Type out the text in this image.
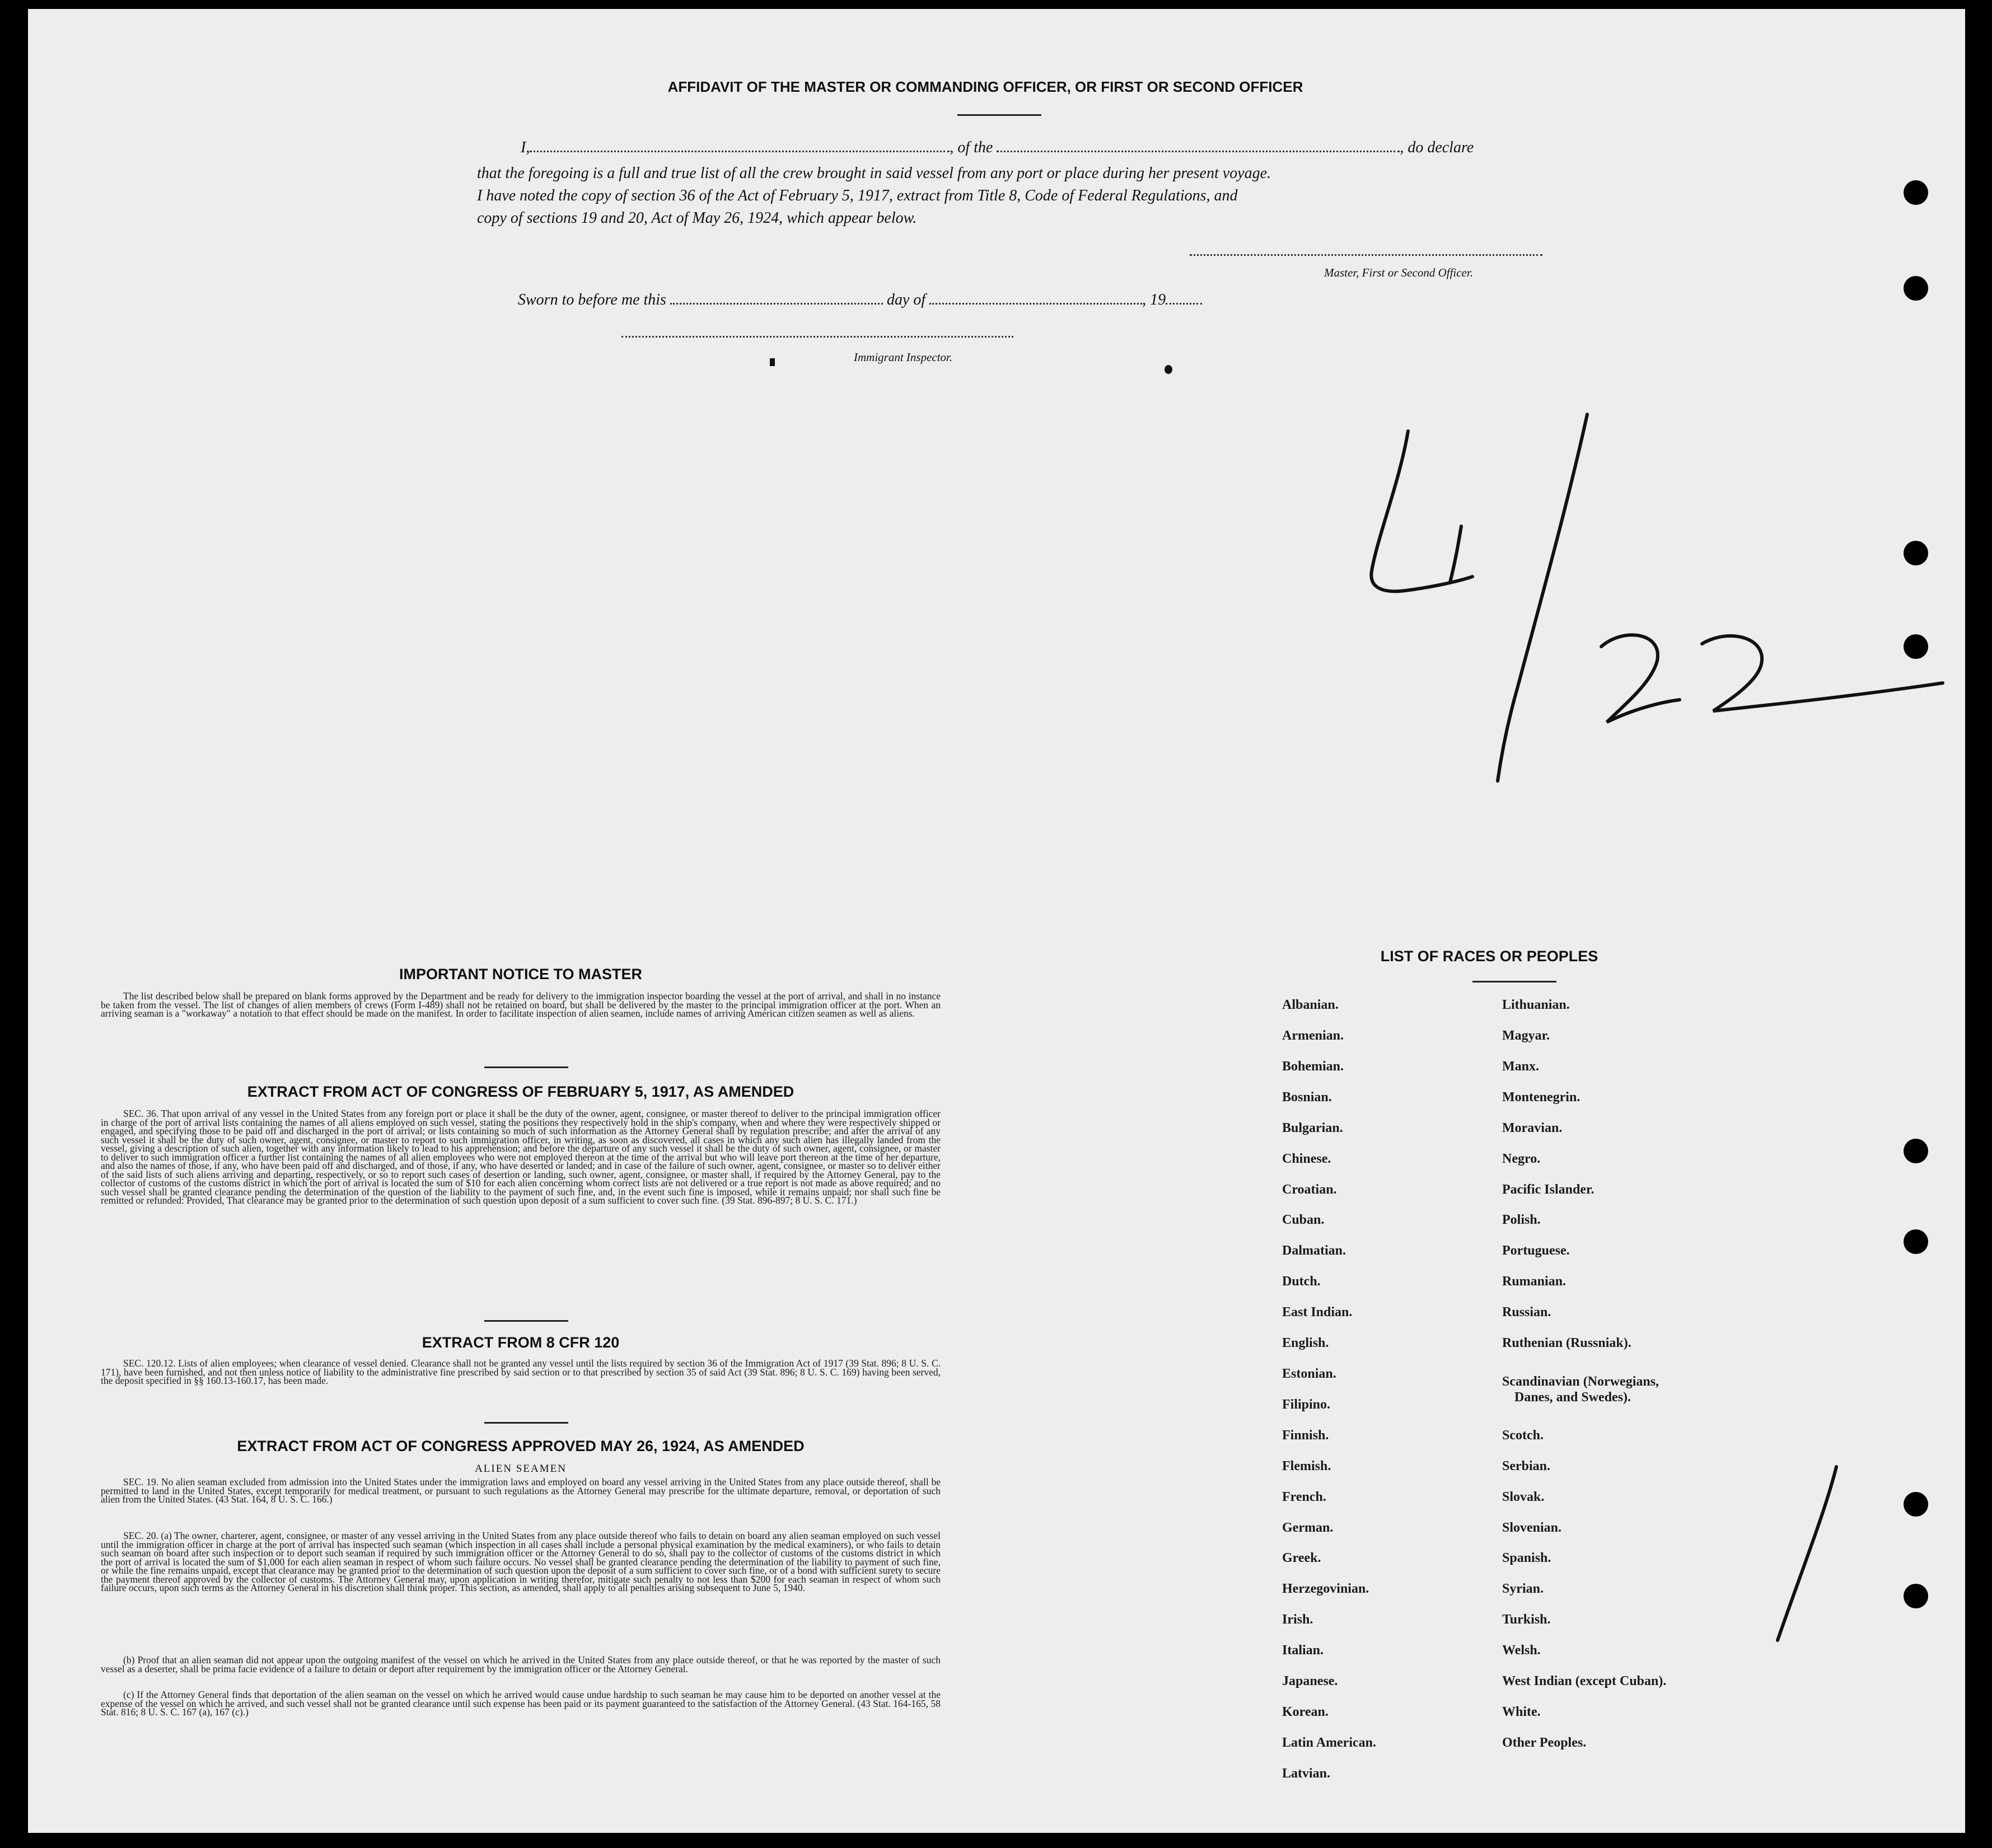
AFFIDAVIT OF THE MASTER OR COMMANDING OFFICER, OR FIRST OR SECOND OFFICER
I,	, of the	, do declare
that the foregoing is a full and true list of all the crew brought in said vessel from any port or place during her present voyage.
I have noted the copy of section 36 of the Act of February 5, 1917, extract from Title 8, Code of Federal Regulations, and
copy of sections 19 and 20, Act of May 26, 1924, which appear below.
Master, First or Second Officer.
Sworn to before me this	day of	, 19
Immigrant Inspector.
IMPORTANT NOTICE TO MASTER
The list described below shall be prepared on blank forms approved by the Department and be ready for delivery to the immigration inspector boarding the vessel at the port of arrival, and shall in no instance be taken from the vessel. The list of changes of alien members of crews (Form I-489) shall not be retained on board, but shall be delivered by the master to the principal immigration officer at the port. When an arriving seaman is a "workaway" a notation to that effect should be made on the manifest. In order to facilitate inspection of alien seamen, include names of arriving American citizen seamen as well as aliens.
EXTRACT FROM ACT OF CONGRESS OF FEBRUARY 5, 1917, AS AMENDED
SEC. 36. That upon arrival of any vessel in the United States from any foreign port or place it shall be the duty of the owner, agent, consignee, or master thereof to deliver to the principal immigration officer in charge of the port of arrival lists containing the names of all aliens employed on such vessel, stating the positions they respectively hold in the ship's company, when and where they were respectively shipped or engaged, and specifying those to be paid off and discharged in the port of arrival; or lists containing so much of such information as the Attorney General shall by regulation prescribe; and after the arrival of any such vessel it shall be the duty of such owner, agent, consignee, or master to report to such immigration officer, in writing, as soon as discovered, all cases in which any such alien has illegally landed from the vessel, giving a description of such alien, together with any information likely to lead to his apprehension; and before the departure of any such vessel it shall be the duty of such owner, agent, consignee, or master to deliver to such immigration officer a further list containing the names of all alien employees who were not employed thereon at the time of the arrival but who will leave port thereon at the time of her departure, and also the names of those, if any, who have been paid off and discharged, and of those, if any, who have deserted or landed; and in case of the failure of such owner, agent, consignee, or master so to deliver either of the said lists of such aliens arriving and departing, respectively, or so to report such cases of desertion or landing, such owner, agent, consignee, or master shall, if required by the Attorney General, pay to the collector of customs of the customs district in which the port of arrival is located the sum of $10 for each alien concerning whom correct lists are not delivered or a true report is not made as above required; and no such vessel shall be granted clearance pending the determination of the question of the liability to the payment of such fine, and, in the event such fine is imposed, while it remains unpaid; nor shall such fine be remitted or refunded: Provided, That clearance may be granted prior to the determination of such question upon deposit of a sum sufficient to cover such fine. (39 Stat. 896-897; 8 U. S. C. 171.)
EXTRACT FROM 8 CFR 120
SEC. 120.12. Lists of alien employees; when clearance of vessel denied. Clearance shall not be granted any vessel until the lists required by section 36 of the Immigration Act of 1917 (39 Stat. 896; 8 U. S. C. 171), have been furnished, and not then unless notice of liability to the administrative fine prescribed by said section or to that prescribed by section 35 of said Act (39 Stat. 896; 8 U. S. C. 169) having been served, the deposit specified in §§ 160.13-160.17, has been made.
EXTRACT FROM ACT OF CONGRESS APPROVED MAY 26, 1924, AS AMENDED
ALIEN SEAMEN
SEC. 19. No alien seaman excluded from admission into the United States under the immigration laws and employed on board any vessel arriving in the United States from any place outside thereof, shall be permitted to land in the United States, except temporarily for medical treatment, or pursuant to such regulations as the Attorney General may prescribe for the ultimate departure, removal, or deportation of such alien from the United States. (43 Stat. 164, 8 U. S. C. 166.)
SEC. 20. (a) The owner, charterer, agent, consignee, or master of any vessel arriving in the United States from any place outside thereof who fails to detain on board any alien seaman employed on such vessel until the immigration officer in charge at the port of arrival has inspected such seaman (which inspection in all cases shall include a personal physical examination by the medical examiners), or who fails to detain such seaman on board after such inspection or to deport such seaman if required by such immigration officer or the Attorney General to do so, shall pay to the collector of customs of the customs district in which the port of arrival is located the sum of $1,000 for each alien seaman in respect of whom such failure occurs. No vessel shall be granted clearance pending the determination of the liability to payment of such fine, or while the fine remains unpaid, except that clearance may be granted prior to the determination of such question upon the deposit of a sum sufficient to cover such fine, or of a bond with sufficient surety to secure the payment thereof approved by the collector of customs. The Attorney General may, upon application in writing therefor, mitigate such penalty to not less than $200 for each seaman in respect of whom such failure occurs, upon such terms as the Attorney General in his discretion shall think proper. This section, as amended, shall apply to all penalties arising subsequent to June 5, 1940.
(b) Proof that an alien seaman did not appear upon the outgoing manifest of the vessel on which he arrived in the United States from any place outside thereof, or that he was reported by the master of such vessel as a deserter, shall be prima facie evidence of a failure to detain or deport after requirement by the immigration officer or the Attorney General.
(c) If the Attorney General finds that deportation of the alien seaman on the vessel on which he arrived would cause undue hardship to such seaman he may cause him to be deported on another vessel at the expense of the vessel on which he arrived, and such vessel shall not be granted clearance until such expense has been paid or its payment guaranteed to the satisfaction of the Attorney General. (43 Stat. 164-165, 58 Stat. 816; 8 U. S. C. 167 (a), 167 (c).)
LIST OF RACES OR PEOPLES
Albanian.
Armenian.
Bohemian.
Bosnian.
Bulgarian.
Chinese.
Croatian.
Cuban.
Dalmatian.
Dutch.
East Indian.
English.
Estonian.
Filipino.
Finnish.
Flemish.
French.
German.
Greek.
Herzegovinian.
Irish.
Italian.
Japanese.
Korean.
Latin American.
Latvian.
Lithuanian.
Magyar.
Manx.
Montenegrin.
Moravian.
Negro.
Pacific Islander.
Polish.
Portuguese.
Rumanian.
Russian.
Ruthenian (Russniak).
Scandinavian (Norwegians,
Danes, and Swedes).
Scotch.
Serbian.
Slovak.
Slovenian.
Spanish.
Syrian.
Turkish.
Welsh.
West Indian (except Cuban).
White.
Other Peoples.
